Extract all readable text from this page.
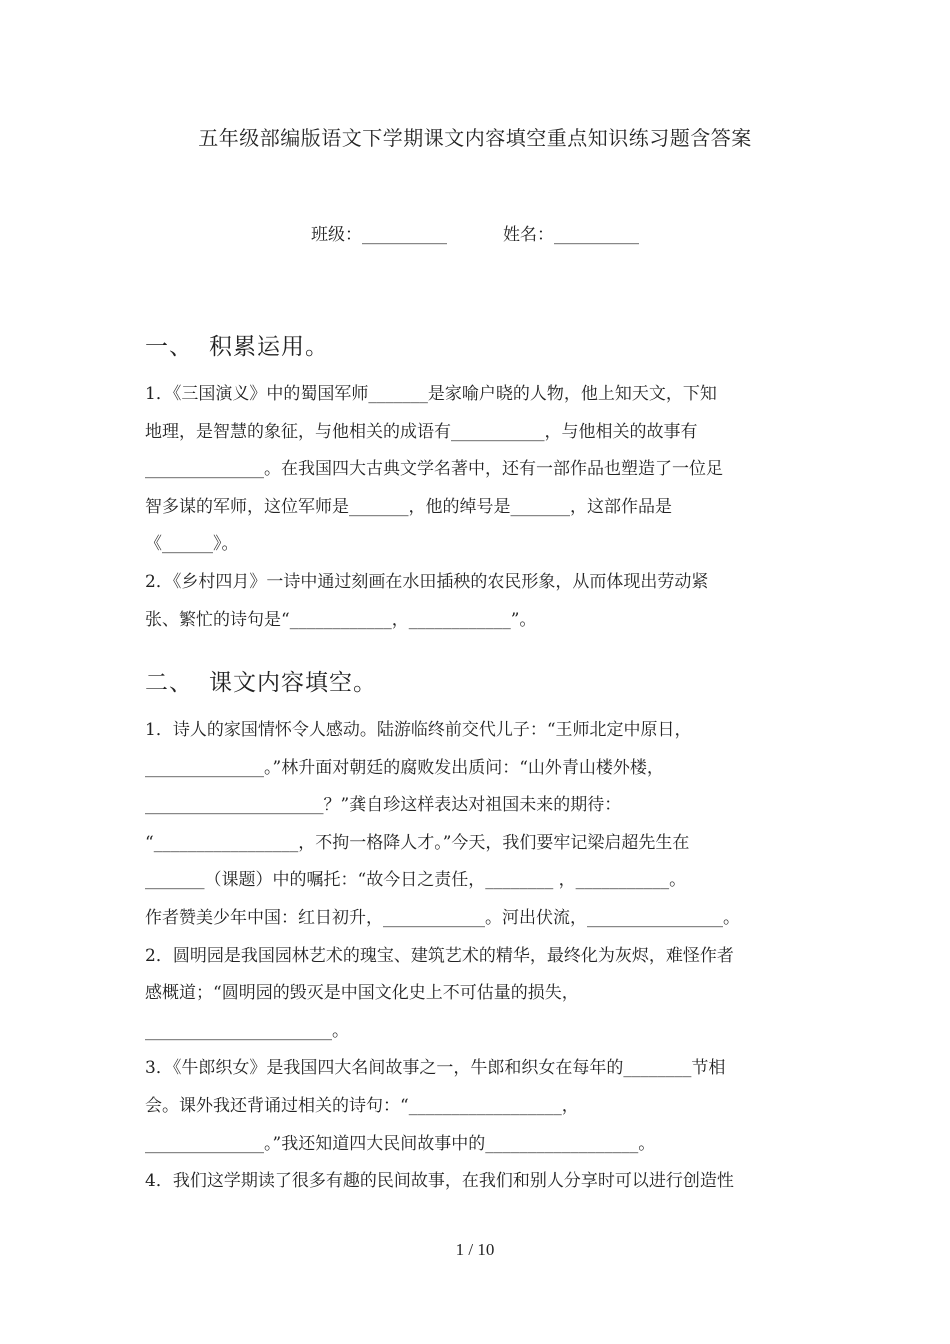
五年级部编版语文下学期课文内容填空重点知识练习题含答案
班级：__________	姓名：__________
一、 积累运用。
1．《三国演义》中的蜀国军师_______是家喻户晓的人物，他上知天文，下知
地理，是智慧的象征，与他相关的成语有___________，与他相关的故事有
______________。在我国四大古典文学名著中，还有一部作品也塑造了一位足
智多谋的军师，这位军师是_______，他的绰号是_______，这部作品是
《______》。
2．《乡村四月》一诗中通过刻画在水田插秧的农民形象，从而体现出劳动紧
张、繁忙的诗句是“____________，____________”。
二、 课文内容填空。
1．诗人的家国情怀令人感动。陆游临终前交代儿子：“王师北定中原日，
______________。”林升面对朝廷的腐败发出质问：“山外青山楼外楼，
_____________________？”龚自珍这样表达对祖国未来的期待：
“_________________，不拘一格降人才。”今天，我们要牢记梁启超先生在
_______（课题）中的嘱托：“故今日之责任，________ ，___________。
作者赞美少年中国：红日初升，____________。河出伏流，________________。
2．圆明园是我国园林艺术的瑰宝、建筑艺术的精华，最终化为灰烬，难怪作者
感概道；“圆明园的毁灭是中国文化史上不可估量的损失，
______________________。
3．《牛郎织女》是我国四大名间故事之一，牛郎和织女在每年的________节相
会。课外我还背诵过相关的诗句：“__________________，
______________。”我还知道四大民间故事中的__________________。
4．我们这学期读了很多有趣的民间故事，在我们和别人分享时可以进行创造性
1 / 10
